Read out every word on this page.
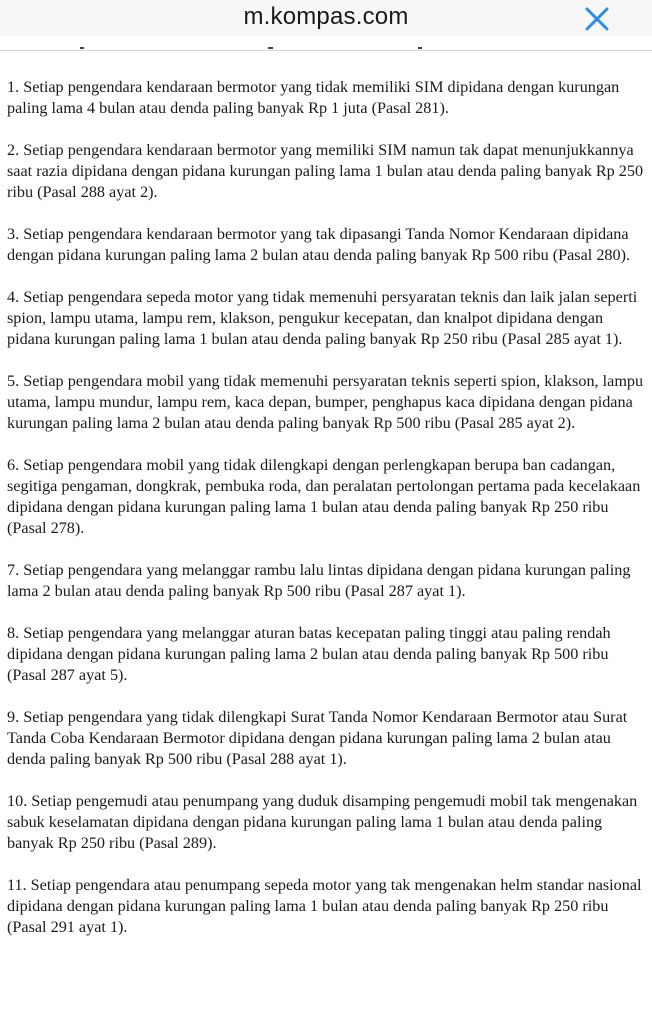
m.kompas.com

1. Setiap pengendara kendaraan bermotor yang tidak memiliki SIM dipidana dengan kurungan paling lama 4 bulan atau denda paling banyak Rp 1 juta (Pasal 281).

2. Setiap pengendara kendaraan bermotor yang memiliki SIM namun tak dapat menunjukkannya saat razia dipidana dengan pidana kurungan paling lama 1 bulan atau denda paling banyak Rp 250 ribu (Pasal 288 ayat 2).

3. Setiap pengendara kendaraan bermotor yang tak dipasangi Tanda Nomor Kendaraan dipidana dengan pidana kurungan paling lama 2 bulan atau denda paling banyak Rp 500 ribu (Pasal 280).

4. Setiap pengendara sepeda motor yang tidak memenuhi persyaratan teknis dan laik jalan seperti spion, lampu utama, lampu rem, klakson, pengukur kecepatan, dan knalpot dipidana dengan pidana kurungan paling lama 1 bulan atau denda paling banyak Rp 250 ribu (Pasal 285 ayat 1).

5. Setiap pengendara mobil yang tidak memenuhi persyaratan teknis seperti spion, klakson, lampu utama, lampu mundur, lampu rem, kaca depan, bumper, penghapus kaca dipidana dengan pidana kurungan paling lama 2 bulan atau denda paling banyak Rp 500 ribu (Pasal 285 ayat 2).

6. Setiap pengendara mobil yang tidak dilengkapi dengan perlengkapan berupa ban cadangan, segitiga pengaman, dongkrak, pembuka roda, dan peralatan pertolongan pertama pada kecelakaan dipidana dengan pidana kurungan paling lama 1 bulan atau denda paling banyak Rp 250 ribu (Pasal 278).

7. Setiap pengendara yang melanggar rambu lalu lintas dipidana dengan pidana kurungan paling lama 2 bulan atau denda paling banyak Rp 500 ribu (Pasal 287 ayat 1).

8. Setiap pengendara yang melanggar aturan batas kecepatan paling tinggi atau paling rendah dipidana dengan pidana kurungan paling lama 2 bulan atau denda paling banyak Rp 500 ribu (Pasal 287 ayat 5).

9. Setiap pengendara yang tidak dilengkapi Surat Tanda Nomor Kendaraan Bermotor atau Surat Tanda Coba Kendaraan Bermotor dipidana dengan pidana kurungan paling lama 2 bulan atau denda paling banyak Rp 500 ribu (Pasal 288 ayat 1).

10. Setiap pengemudi atau penumpang yang duduk disamping pengemudi mobil tak mengenakan sabuk keselamatan dipidana dengan pidana kurungan paling lama 1 bulan atau denda paling banyak Rp 250 ribu (Pasal 289).

11. Setiap pengendara atau penumpang sepeda motor yang tak mengenakan helm standar nasional dipidana dengan pidana kurungan paling lama 1 bulan atau denda paling banyak Rp 250 ribu (Pasal 291 ayat 1).
